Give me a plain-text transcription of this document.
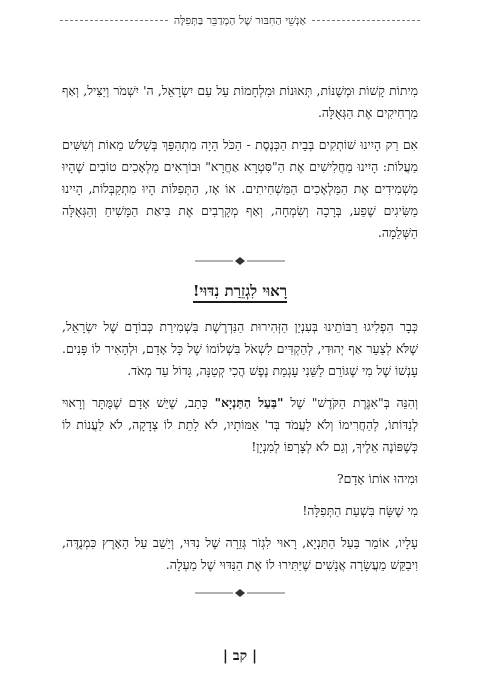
אַנְשֵׁי הַחִבּוּר שֶׁל הַמְדַבֵּר בַּתְּפִלָּה

מִיתוֹת קָשׁוֹת וּמְשֻׁנּוֹת, תְּאוּנוֹת וּמִלְחָמוֹת עַל עַם יִשְׂרָאֵל, ה' יִשְׁמֹר וְיַצִּיל, וְאַף מַרְחִיקִים אֶת הַגְּאֻלָּה.

אִם רַק הָיִינוּ שׁוֹתְקִים בְּבֵית הַכְּנֶסֶת - הַכֹּל הָיָה מִתְהַפֵּךְ בְּשָׁלֹשׁ מֵאוֹת וְשִׁשִּׁים מַעֲלוֹת: הָיִינוּ מַחֲלִישִׁים אֶת הַ"סִּטְרָא אַחֲרָא" וּבוֹרְאִים מַלְאָכִים טוֹבִים שֶׁהָיוּ מַשְׁמִידִים אֶת הַמַּלְאָכִים הַמַּשְׁחִיתִים. אוֹ אָז, הַתְּפִלּוֹת הָיוּ מִתְקַבְּלוֹת, הָיִינוּ מַשִּׂיגִים שֶׁפַע, בְּרָכָה וְשִׂמְחָה, וְאַף מְקָרְבִים אֶת בִּיאַת הַמָּשִׁיחַ וְהַגְּאֻלָּה הַשְּׁלֵמָה.

רָאוּי לִגְזֵרַת נִדּוּי!

כְּבָר הִפְלִיגוּ רַבּוֹתֵינוּ בְּעִנְיַן הַזְּהִירוּת הַנִּדְרֶשֶׁת בִּשְׁמִירַת כְּבוֹדָם שֶׁל יִשְׂרָאֵל, שֶׁלֹּא לְצַעֵר אַף יְהוּדִי, לְהַקְדִּים לִשְׁאֹל בִּשְׁלוֹמוֹ שֶׁל כָּל אָדָם, וּלְהָאִיר לוֹ פָּנִים. עָנְשׁוֹ שֶׁל מִי שֶׁגּוֹרֵם לַשֵּׁנִי עָגְמַת נֶפֶשׁ הֲכִי קְטַנָּה, גָּדוֹל עַד מְאֹד.

וְהִנֵּה בְּ"אִגֶּרֶת הַקֹּדֶשׁ" שֶׁל "בַּעַל הַתַּנְיָא" כָּתַב, שֶׁיֵּשׁ אָדָם שֶׁמֻּתָּר וְרָאוּי לְנַדּוֹתוֹ, לְהַחֲרִימוֹ וְלֹא לַעֲמֹד בְּד' אַמּוֹתָיו, לֹא לָתֵת לוֹ צְדָקָה, לֹא לַעֲנוֹת לוֹ כְּשֶׁפּוֹנֶה אֵלֶיךָ, וְגַם לֹא לְצָרְפוֹ לְמִנְיָן!

וּמִיהוּ אוֹתוֹ אָדָם?

מִי שֶׁשָּׂח בִּשְׁעַת הַתְּפִלָּה!

עָלָיו, אוֹמֵר בַּעַל הַתַּנְיָא, רָאוּי לִגְזֹר גְּזֵרָה שֶׁל נִדּוּי, וְיֵשֵׁב עַל הָאָרֶץ כִּמְנֻדֶּה, וִיבַקֵּשׁ מֵעֲשָׂרָה אֲנָשִׁים שֶׁיַּתִּירוּ לוֹ אֶת הַנִּדּוּי שֶׁל מַעְלָה.

| קב |
